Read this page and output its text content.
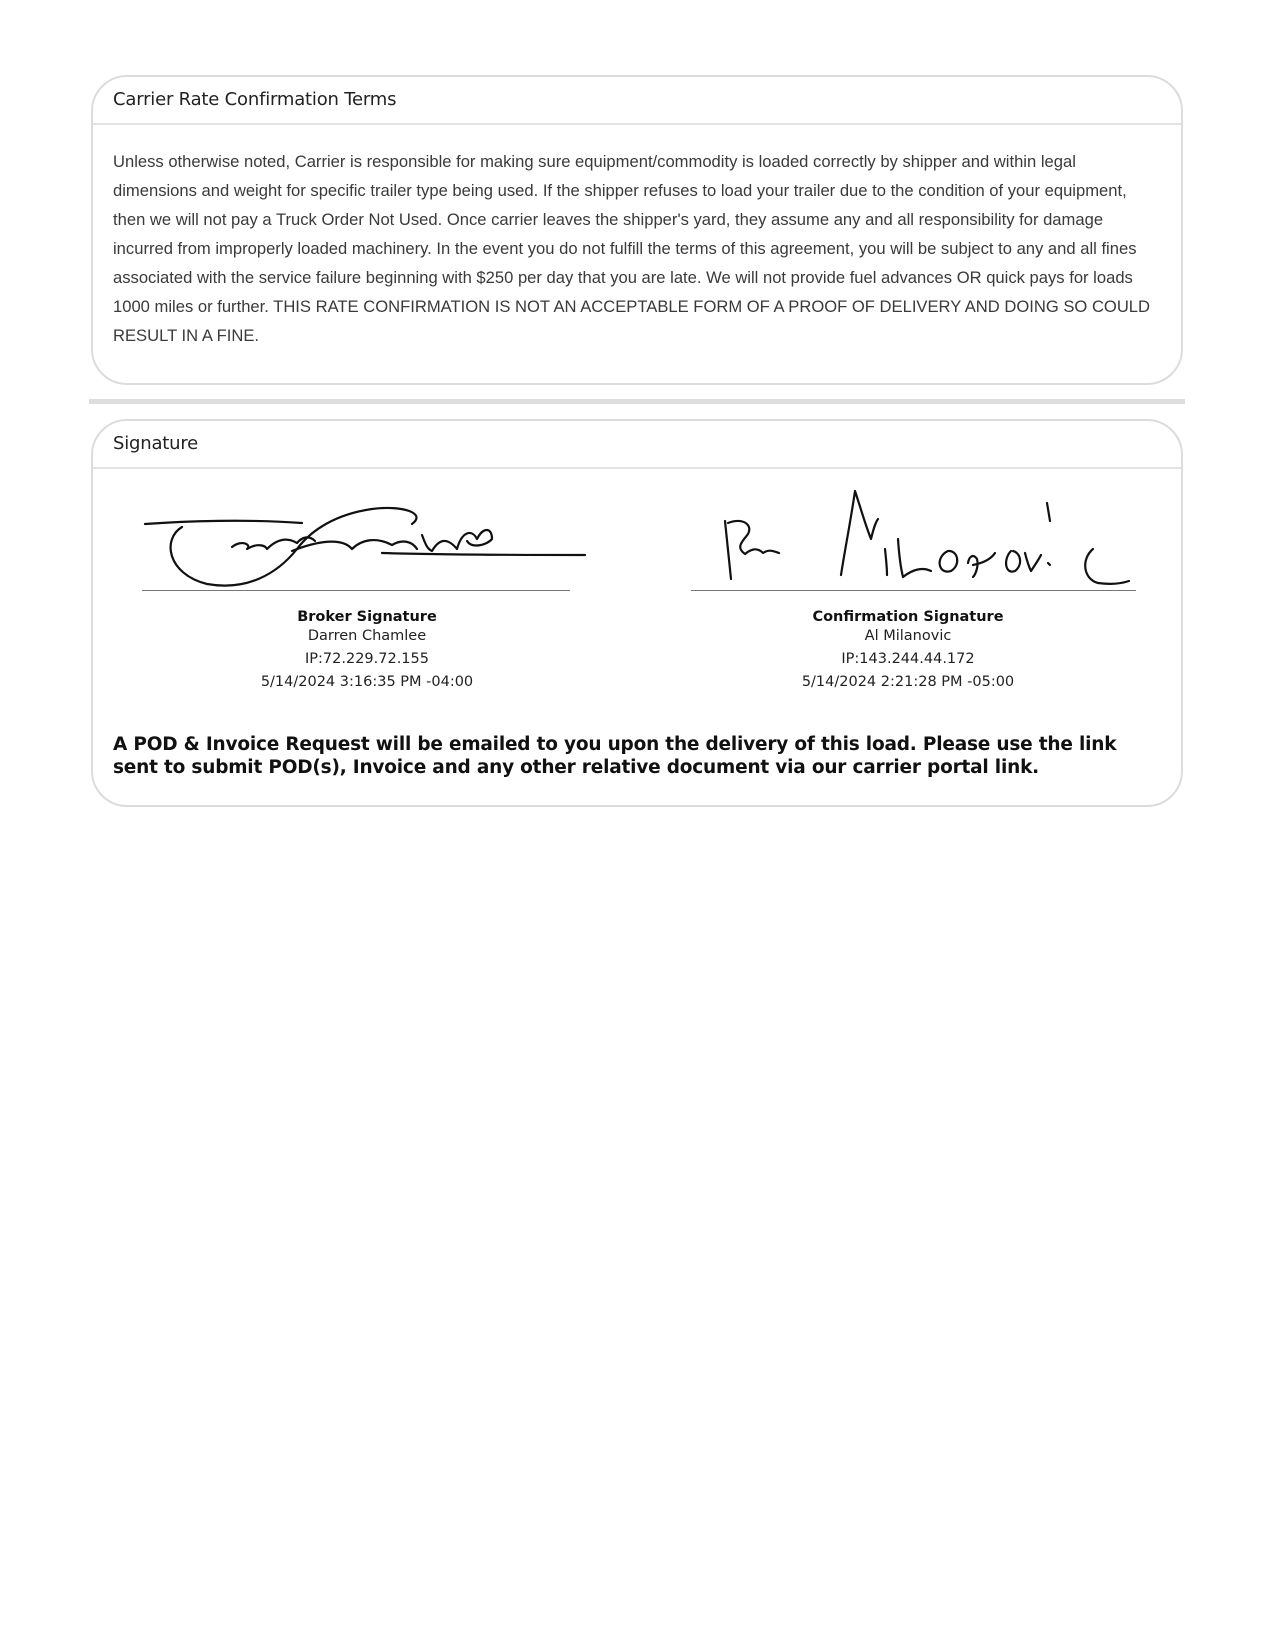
Carrier Rate Confirmation Terms
Unless otherwise noted, Carrier is responsible for making sure equipment/commodity is loaded correctly by shipper and within legal dimensions and weight for specific trailer type being used. If the shipper refuses to load your trailer due to the condition of your equipment, then we will not pay a Truck Order Not Used. Once carrier leaves the shipper's yard, they assume any and all responsibility for damage incurred from improperly loaded machinery. In the event you do not fulfill the terms of this agreement, you will be subject to any and all fines associated with the service failure beginning with $250 per day that you are late. We will not provide fuel advances OR quick pays for loads 1000 miles or further. THIS RATE CONFIRMATION IS NOT AN ACCEPTABLE FORM OF A PROOF OF DELIVERY AND DOING SO COULD RESULT IN A FINE.
Signature
Broker Signature
Darren Chamlee
IP:72.229.72.155
5/14/2024 3:16:35 PM -04:00
Confirmation Signature
Al Milanovic
IP:143.244.44.172
5/14/2024 2:21:28 PM -05:00
A POD & Invoice Request will be emailed to you upon the delivery of this load. Please use the link sent to submit POD(s), Invoice and any other relative document via our carrier portal link.
